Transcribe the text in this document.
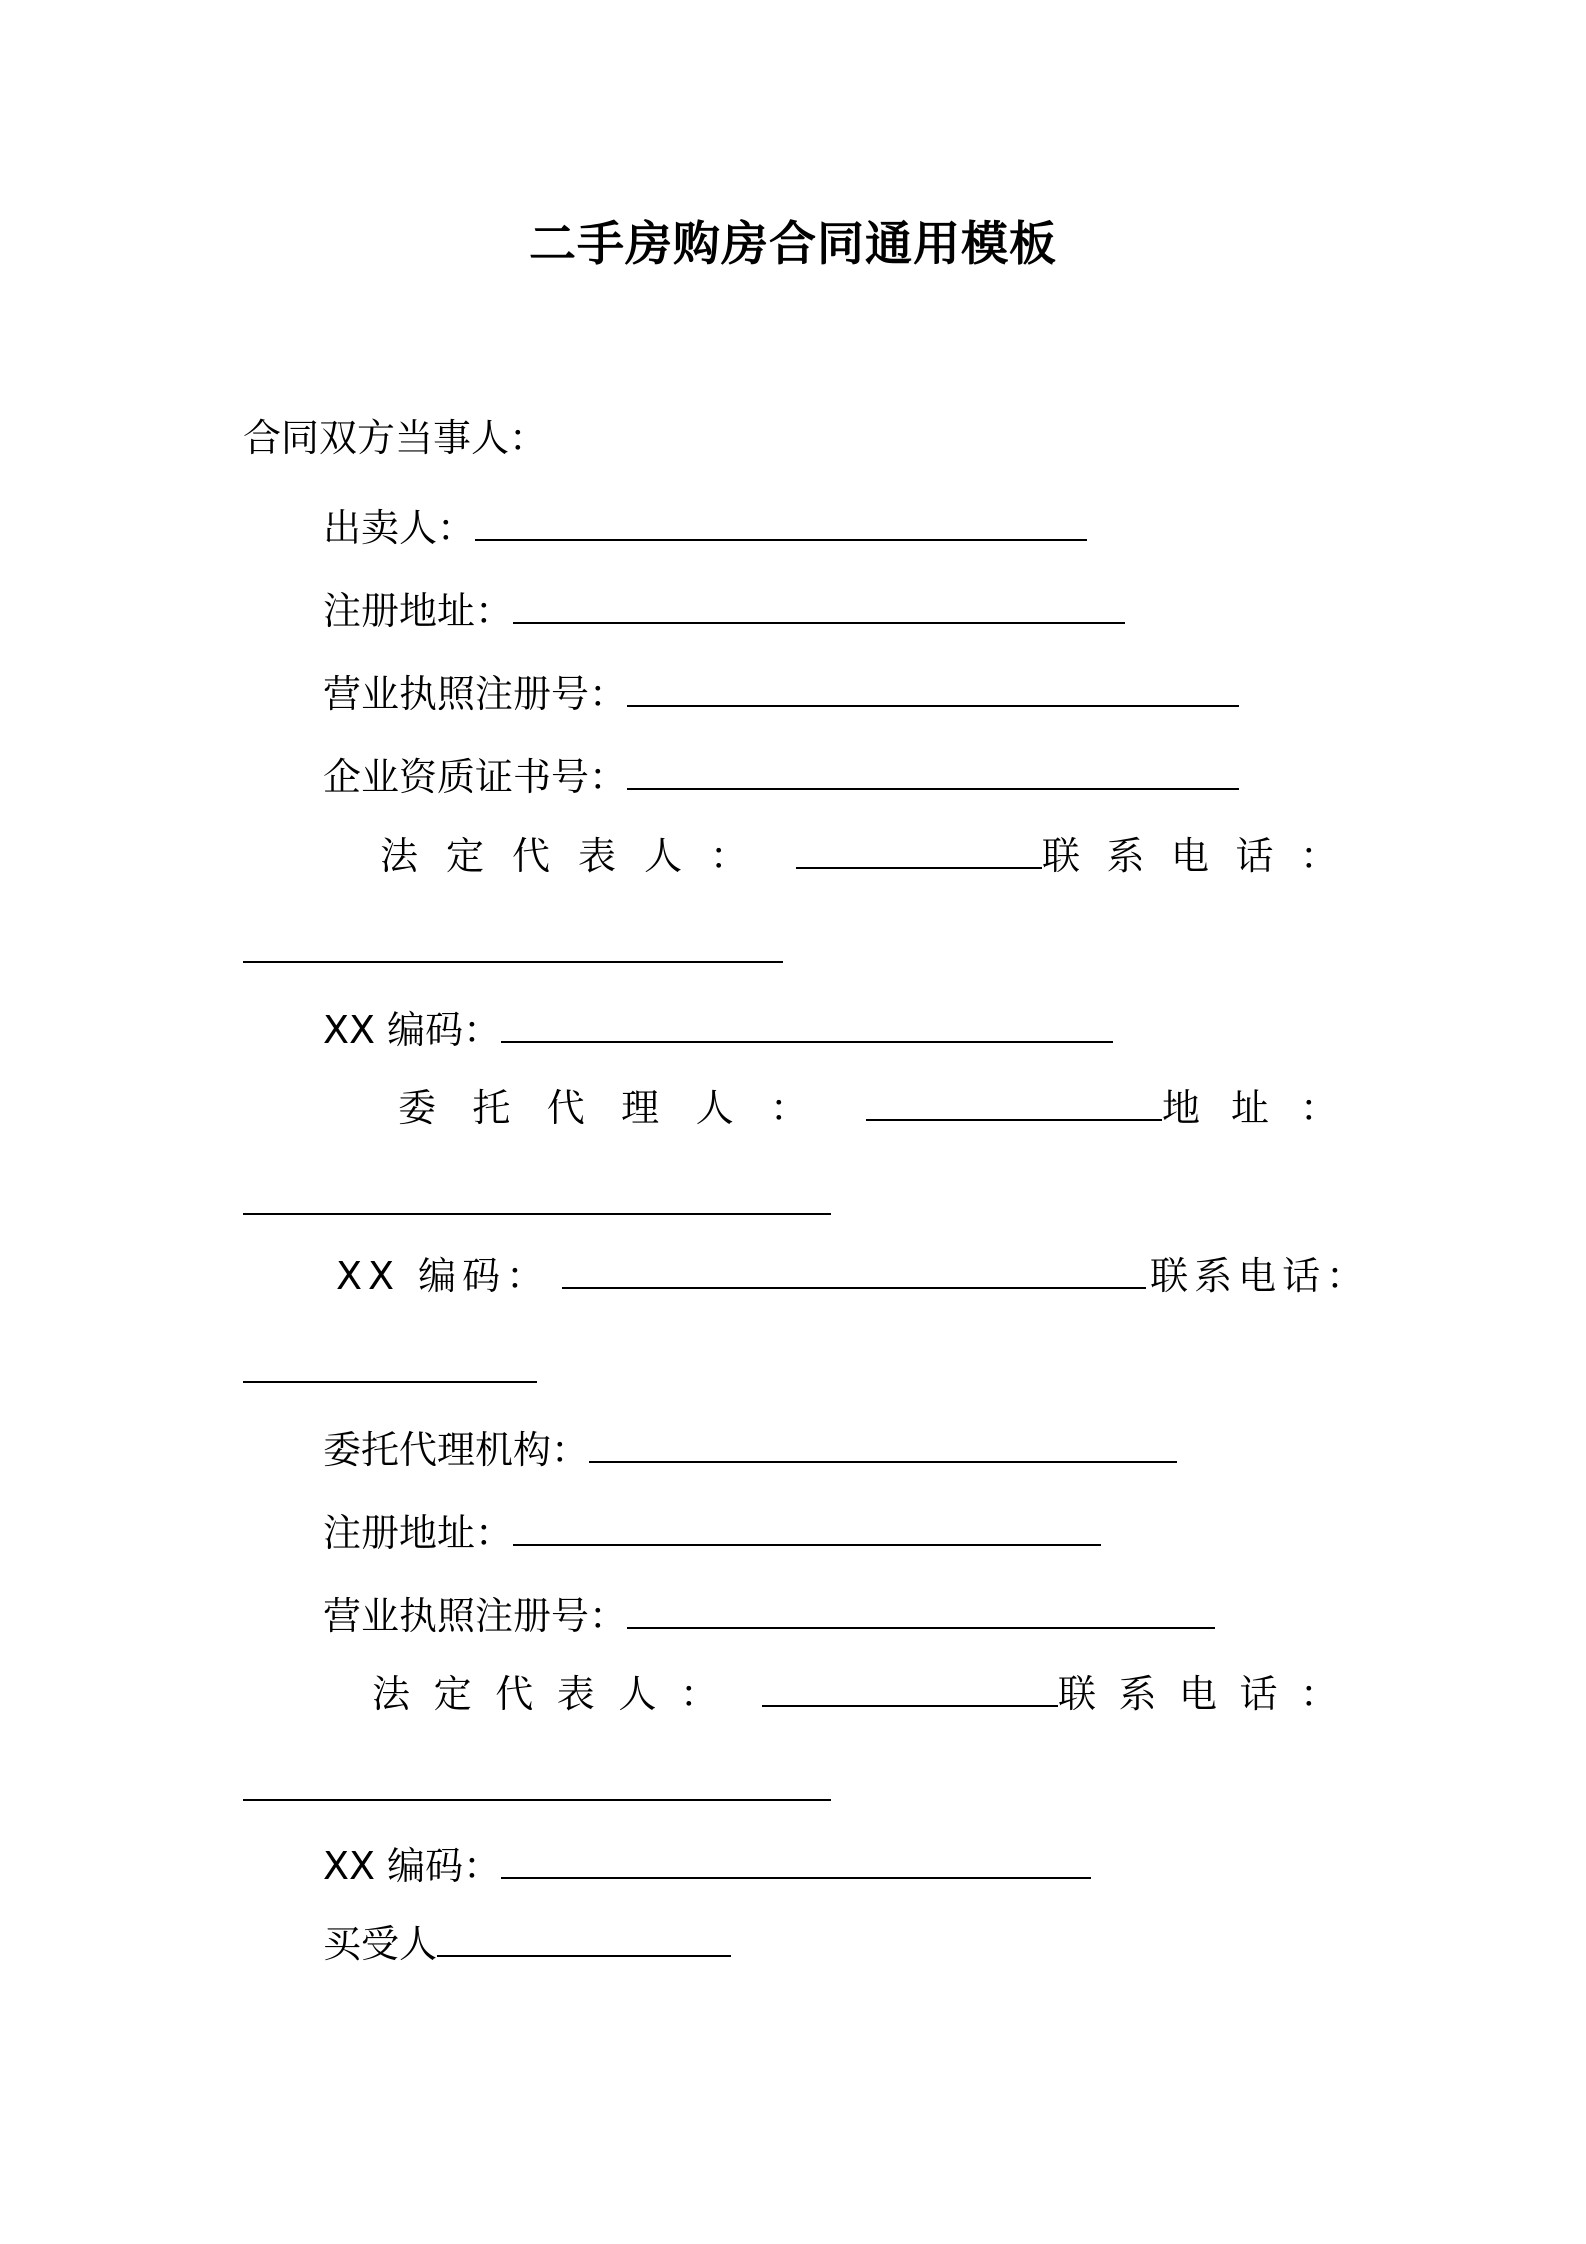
二手房购房合同通用模板
合同双方当事人：
出卖人：
注册地址：
营业执照注册号：
企业资质证书号：
法 定 代 表 人 ：	联 系 电 话 ：
XX 编码：
委 托 代 理 人 ：	地 址 ：
XX 编码：	联系电话：
委托代理机构：
注册地址：
营业执照注册号：
法 定 代 表 人 ：	联 系 电 话 ：
XX 编码：
买受人
